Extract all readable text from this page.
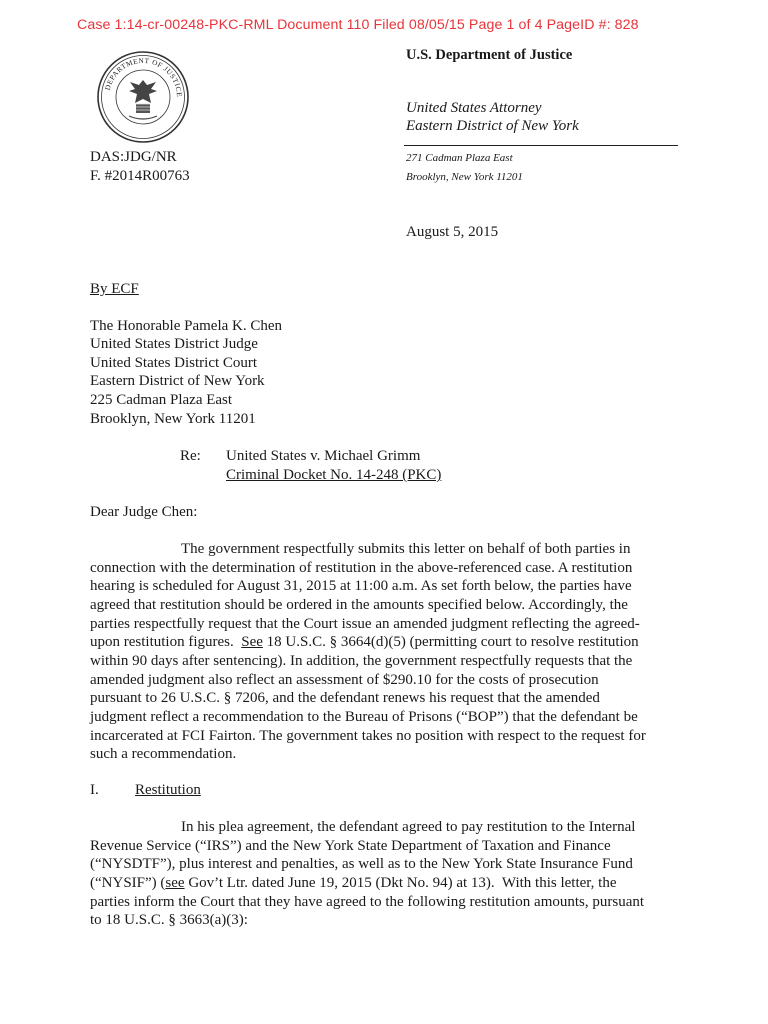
Case 1:14-cr-00248-PKC-RML Document 110 Filed 08/05/15 Page 1 of 4 PageID #: 828
DEPARTMENT OF JUSTICE
U.S. Department of Justice
United States Attorney
Eastern District of New York
DAS:JDG/NR
F. #2014R00763
271 Cadman Plaza East
Brooklyn, New York 11201
August 5, 2015
By ECF
The Honorable Pamela K. Chen
United States District Judge
United States District Court
Eastern District of New York
225 Cadman Plaza East
Brooklyn, New York 11201
Re: United States v. Michael Grimm
Criminal Docket No. 14-248 (PKC)
Dear Judge Chen:
The government respectfully submits this letter on behalf of both parties in
connection with the determination of restitution in the above-referenced case. A restitution
hearing is scheduled for August 31, 2015 at 11:00 a.m. As set forth below, the parties have
agreed that restitution should be ordered in the amounts specified below. Accordingly, the
parties respectfully request that the Court issue an amended judgment reflecting the agreed-
upon restitution figures.  See 18 U.S.C. § 3664(d)(5) (permitting court to resolve restitution
within 90 days after sentencing). In addition, the government respectfully requests that the
amended judgment also reflect an assessment of $290.10 for the costs of prosecution
pursuant to 26 U.S.C. § 7206, and the defendant renews his request that the amended
judgment reflect a recommendation to the Bureau of Prisons (“BOP”) that the defendant be
incarcerated at FCI Fairton. The government takes no position with respect to the request for
such a recommendation.
I. Restitution
In his plea agreement, the defendant agreed to pay restitution to the Internal
Revenue Service (“IRS”) and the New York State Department of Taxation and Finance
(“NYSDTF”), plus interest and penalties, as well as to the New York State Insurance Fund
(“NYSIF”) (see Gov’t Ltr. dated June 19, 2015 (Dkt No. 94) at 13).  With this letter, the
parties inform the Court that they have agreed to the following restitution amounts, pursuant
to 18 U.S.C. § 3663(a)(3):
